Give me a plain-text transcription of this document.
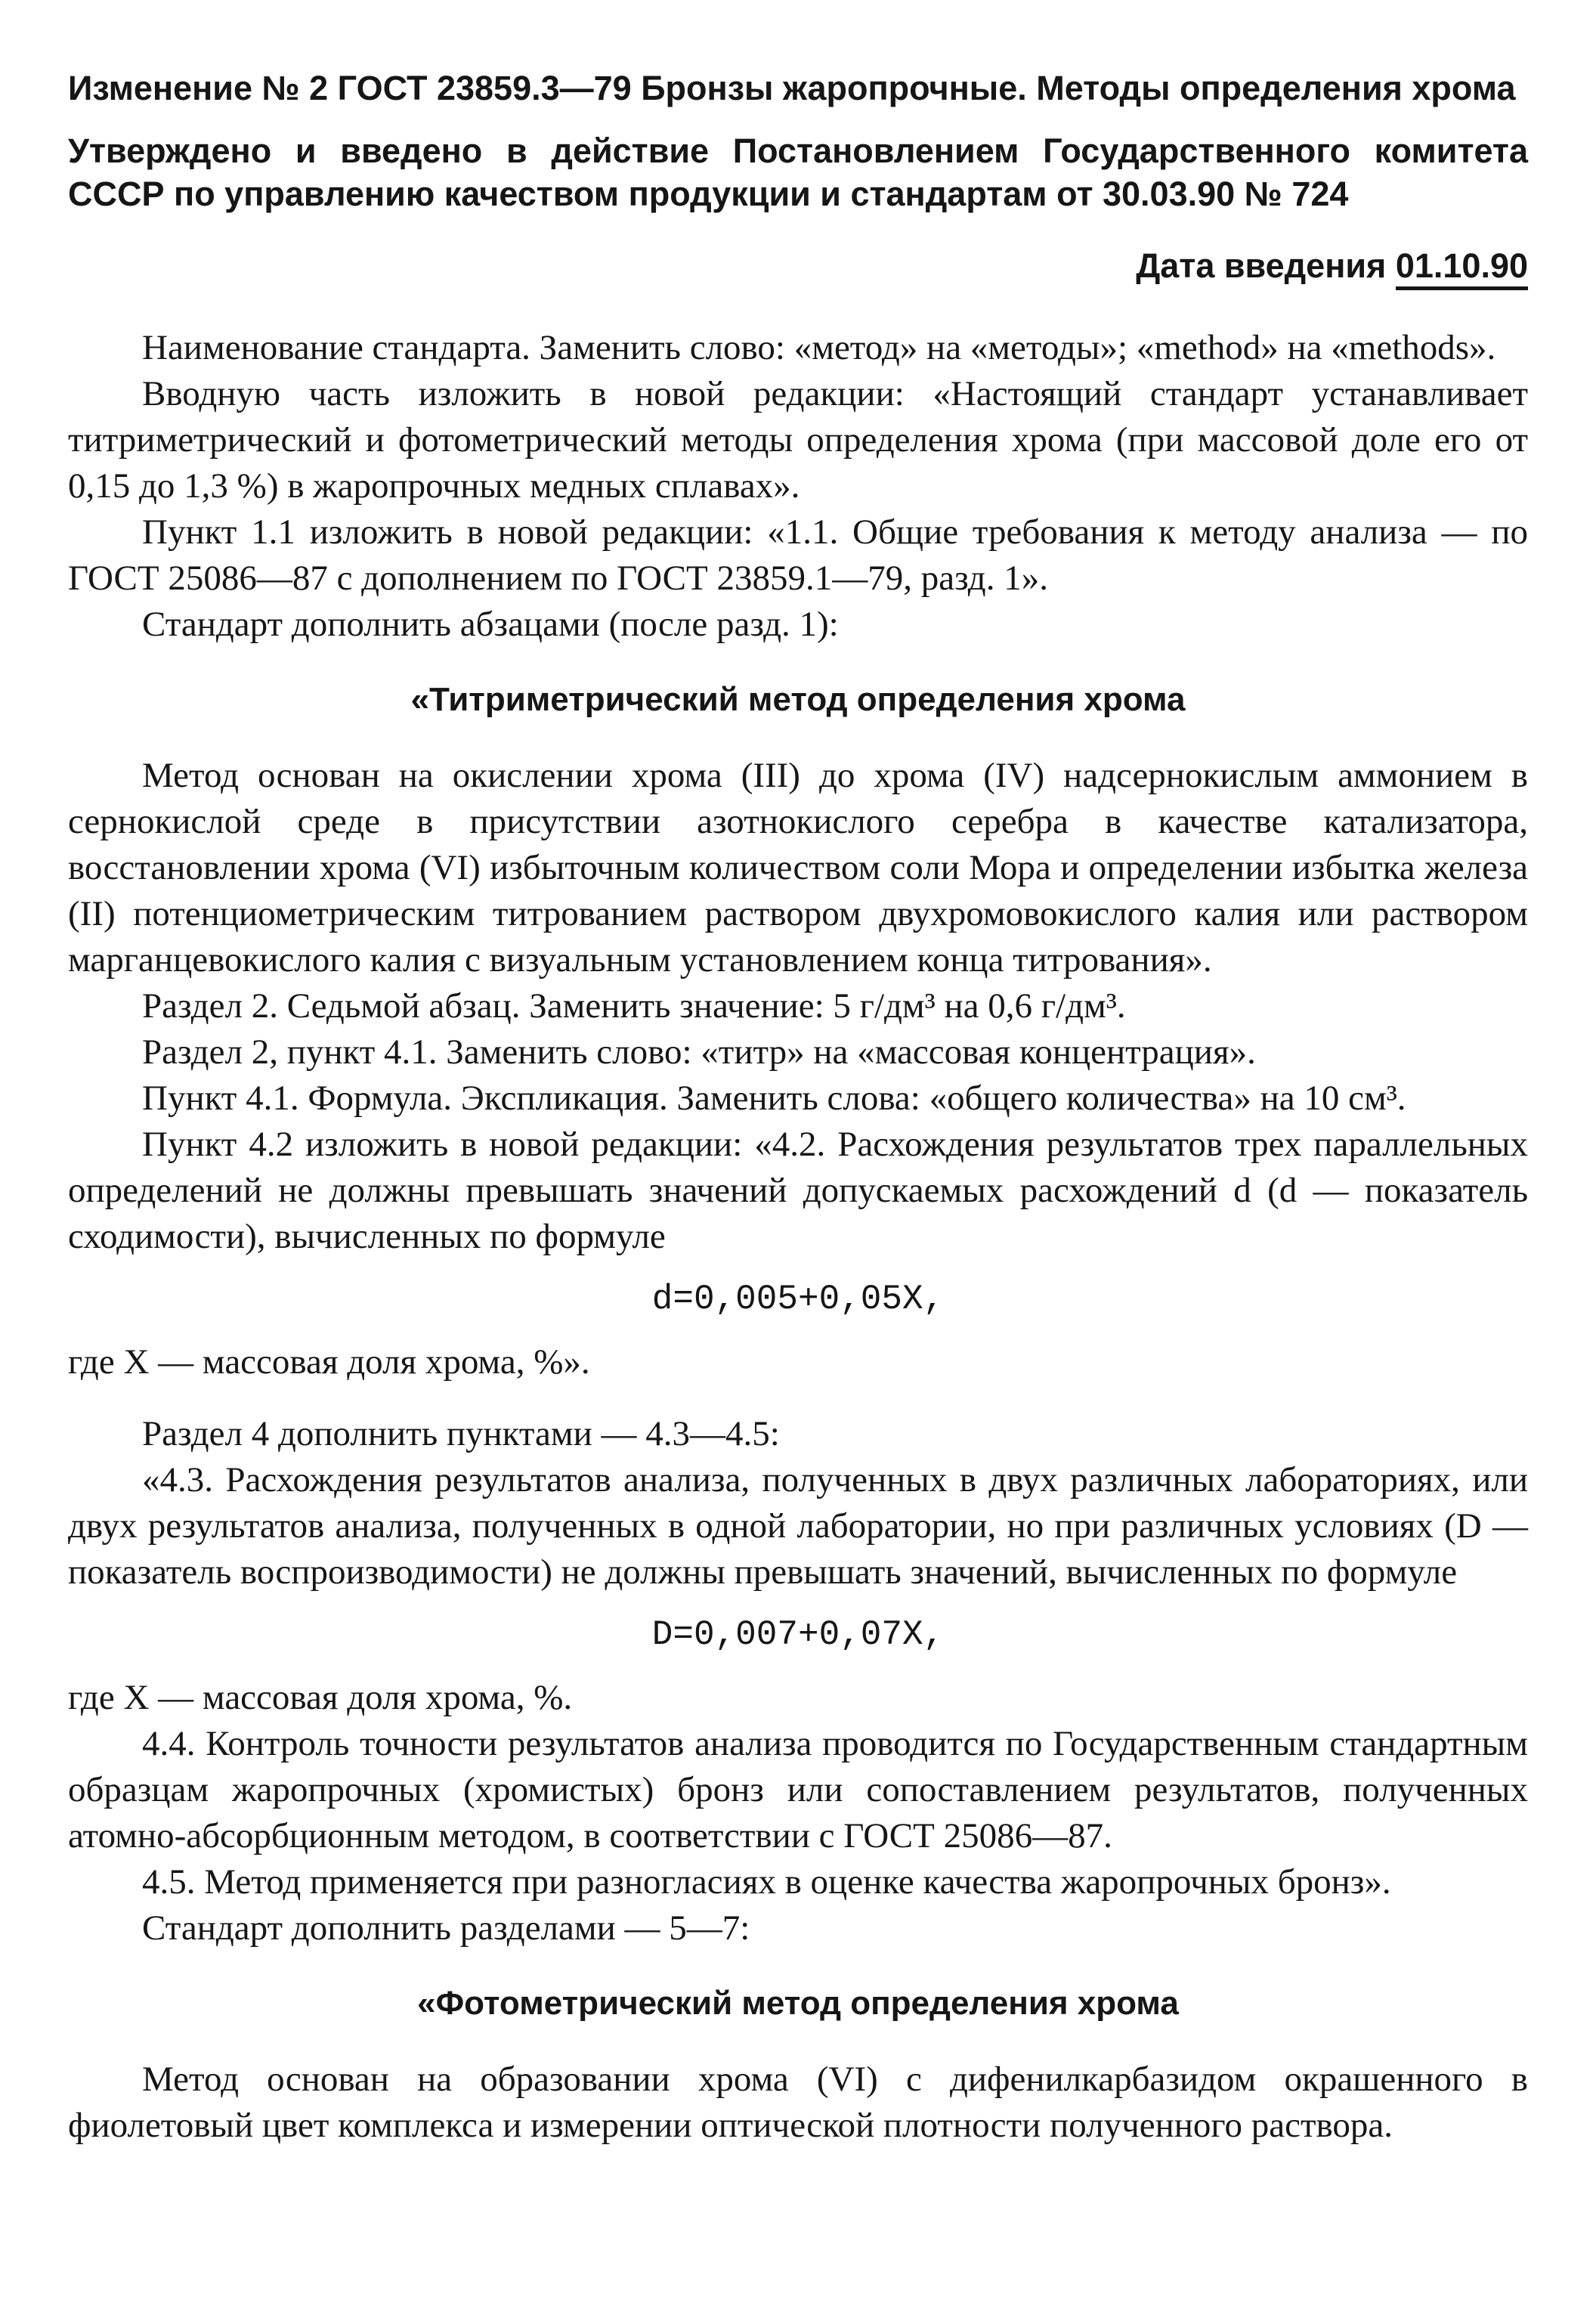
Изменение № 2 ГОСТ 23859.3—79 Бронзы жаропрочные. Методы определения хрома

Утверждено и введено в действие Постановлением Государственного комитета СССР по управлению качеством продукции и стандартам от 30.03.90 № 724

Дата введения 01.10.90

Наименование стандарта. Заменить слово: «метод» на «методы»; «method» на «methods».

Вводную часть изложить в новой редакции: «Настоящий стандарт устанавливает титриметрический и фотометрический методы определения хрома (при массовой доле его от 0,15 до 1,3 %) в жаропрочных медных сплавах».

Пункт 1.1 изложить в новой редакции: «1.1. Общие требования к методу анализа — по ГОСТ 25086—87 с дополнением по ГОСТ 23859.1—79, разд. 1».

Стандарт дополнить абзацами (после разд. 1):

«Титриметрический метод определения хрома

Метод основан на окислении хрома (III) до хрома (IV) надсернокислым аммонием в сернокислой среде в присутствии азотнокислого серебра в качестве катализатора, восстановлении хрома (VI) избыточным количеством соли Мора и определении избытка железа (II) потенциометрическим титрованием раствором двухромовокислого калия или раствором марганцевокислого калия с визуальным установлением конца титрования».

Раздел 2. Седьмой абзац. Заменить значение: 5 г/дм³ на 0,6 г/дм³.

Раздел 2, пункт 4.1. Заменить слово: «титр» на «массовая концентрация».

Пункт 4.1. Формула. Экспликация. Заменить слова: «общего количества» на 10 см³.

Пункт 4.2 изложить в новой редакции: «4.2. Расхождения результатов трех параллельных определений не должны превышать значений допускаемых расхождений d (d — показатель сходимости), вычисленных по формуле

d=0,005+0,05X,

где X — массовая доля хрома, %».

Раздел 4 дополнить пунктами — 4.3—4.5:

«4.3. Расхождения результатов анализа, полученных в двух различных лабораториях, или двух результатов анализа, полученных в одной лаборатории, но при различных условиях (D — показатель воспроизводимости) не должны превышать значений, вычисленных по формуле

D=0,007+0,07X,

где X — массовая доля хрома, %.

4.4. Контроль точности результатов анализа проводится по Государственным стандартным образцам жаропрочных (хромистых) бронз или сопоставлением результатов, полученных атомно-абсорбционным методом, в соответствии с ГОСТ 25086—87.

4.5. Метод применяется при разногласиях в оценке качества жаропрочных бронз».

Стандарт дополнить разделами — 5—7:

«Фотометрический метод определения хрома

Метод основан на образовании хрома (VI) с дифенилкарбазидом окрашенного в фиолетовый цвет комплекса и измерении оптической плотности полученного раствора.
